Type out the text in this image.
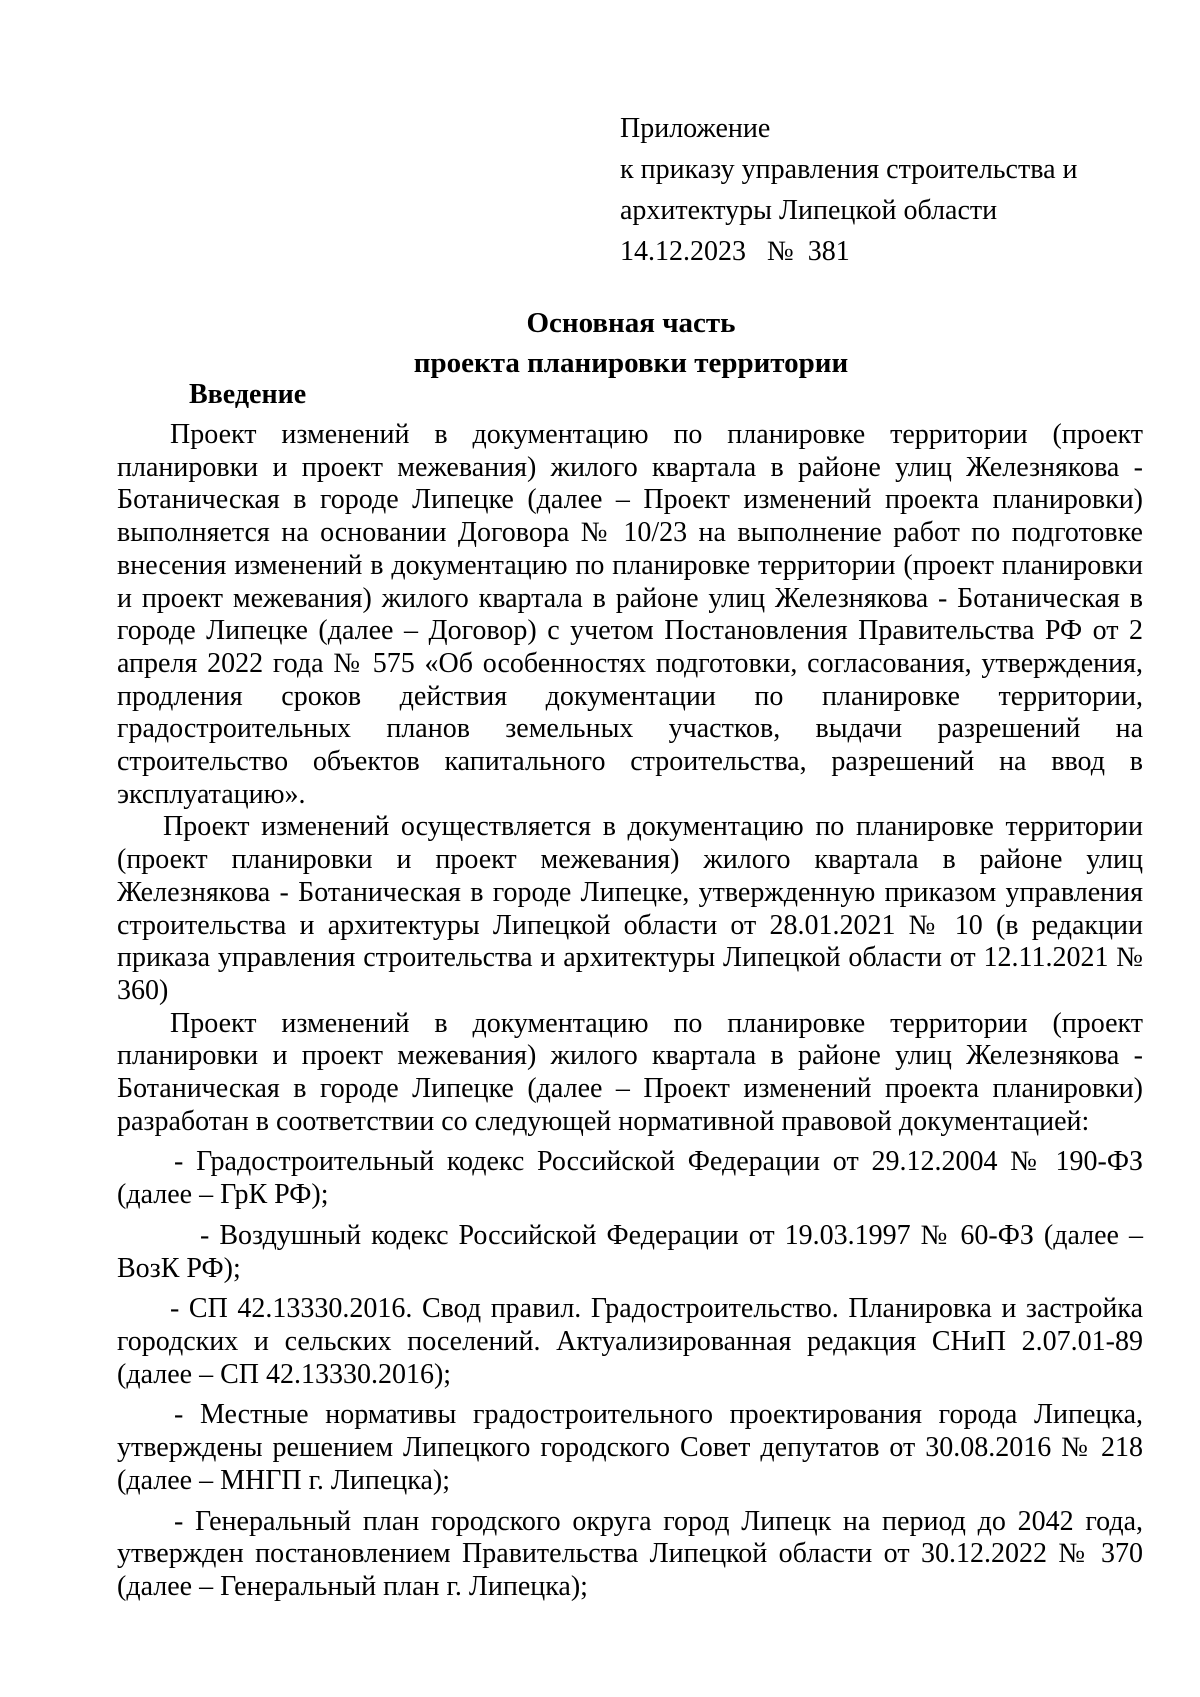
Приложение
к приказу управления строительства и
архитектуры Липецкой области
14.12.2023   №  381
Основная часть
проекта планировки территории
Введение

Проект изменений в документацию по планировке территории (проект планировки и проект межевания) жилого квартала в районе улиц Железнякова - Ботаническая в городе Липецке (далее – Проект изменений проекта планировки) выполняется на основании Договора № 10/23 на выполнение работ по подготовке внесения изменений в документацию по планировке территории (проект планировки и проект межевания) жилого квартала в районе улиц Железнякова - Ботаническая в городе Липецке (далее – Договор) с учетом Постановления Правительства РФ от 2 апреля 2022 года № 575 «Об особенностях подготовки, согласования, утверждения, продления сроков действия документации по планировке территории, градостроительных планов земельных участков, выдачи разрешений на строительство объектов капитального строительства, разрешений на ввод в эксплуатацию».

Проект изменений осуществляется в документацию по планировке территории (проект планировки и проект межевания) жилого квартала в районе улиц Железнякова - Ботаническая в городе Липецке, утвержденную приказом управления строительства и архитектуры Липецкой области от 28.01.2021 № 10 (в редакции приказа управления строительства и архитектуры Липецкой области от 12.11.2021 № 360)

Проект изменений в документацию по планировке территории (проект планировки и проект межевания) жилого квартала в районе улиц Железнякова - Ботаническая в городе Липецке (далее – Проект изменений проекта планировки) разработан в соответствии со следующей нормативной правовой документацией:

- Градостроительный кодекс Российской Федерации от 29.12.2004 № 190-ФЗ (далее – ГрК РФ);

- Воздушный кодекс Российской Федерации от 19.03.1997 № 60-ФЗ (далее – ВозК РФ);

- СП 42.13330.2016. Свод правил. Градостроительство. Планировка и застройка городских и сельских поселений. Актуализированная редакция СНиП 2.07.01-89 (далее – СП 42.13330.2016);

- Местные нормативы градостроительного проектирования города Липецка, утверждены решением Липецкого городского Совет депутатов от 30.08.2016 № 218 (далее – МНГП г. Липецка);

- Генеральный план городского округа город Липецк на период до 2042 года, утвержден постановлением Правительства Липецкой области от 30.12.2022 № 370 (далее – Генеральный план г. Липецка);
